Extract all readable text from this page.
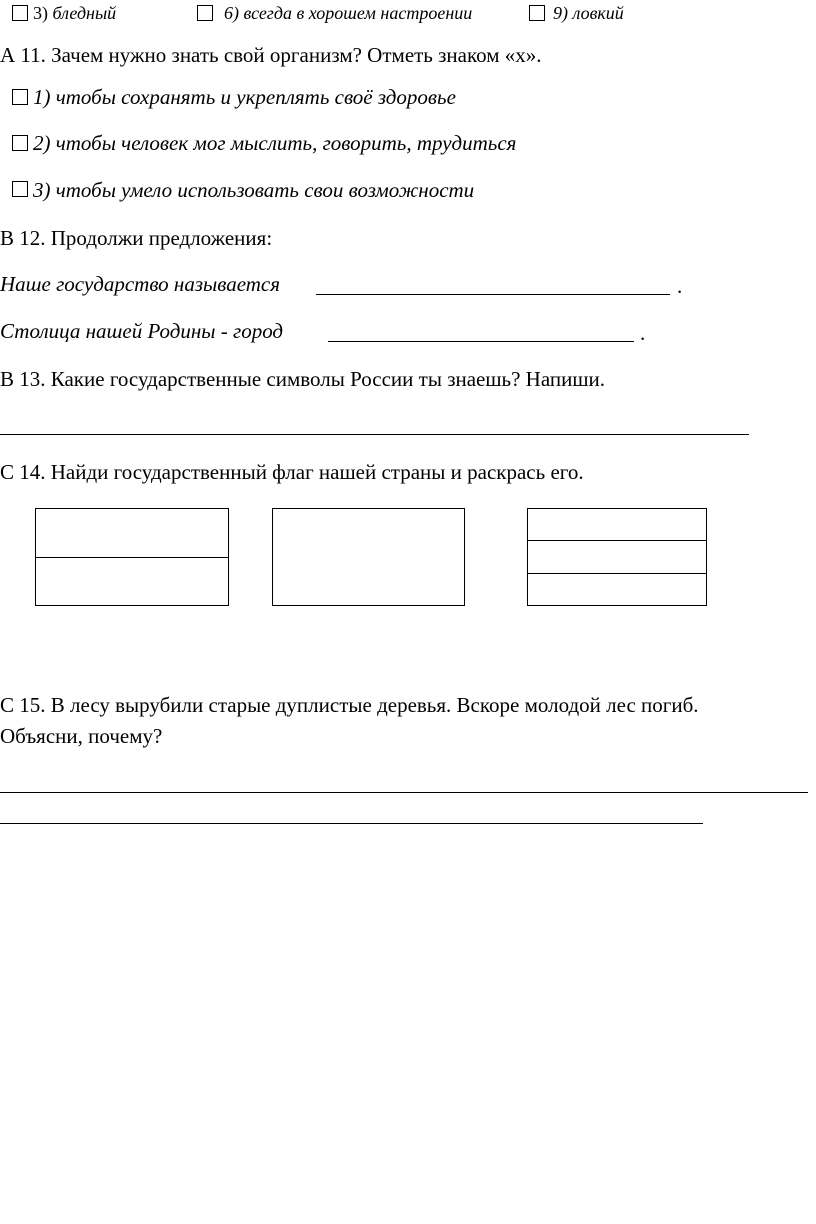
3) бледный	6) всегда в хорошем настроении	9) ловкий
А 11. Зачем нужно знать свой организм? Отметь знаком «х».
1) чтобы сохранять и укреплять своё здоровье
2) чтобы человек мог мыслить, говорить, трудиться
3) чтобы умело использовать свои возможности
В 12. Продолжи предложения:
Наше государство называется	.
Столица нашей Родины - город	.
В 13. Какие государственные символы России ты знаешь? Напиши.
С 14. Найди государственный флаг нашей страны и раскрась его.
С 15. В лесу вырубили старые дуплистые деревья. Вскоре молодой лес погиб.
Объясни, почему?
